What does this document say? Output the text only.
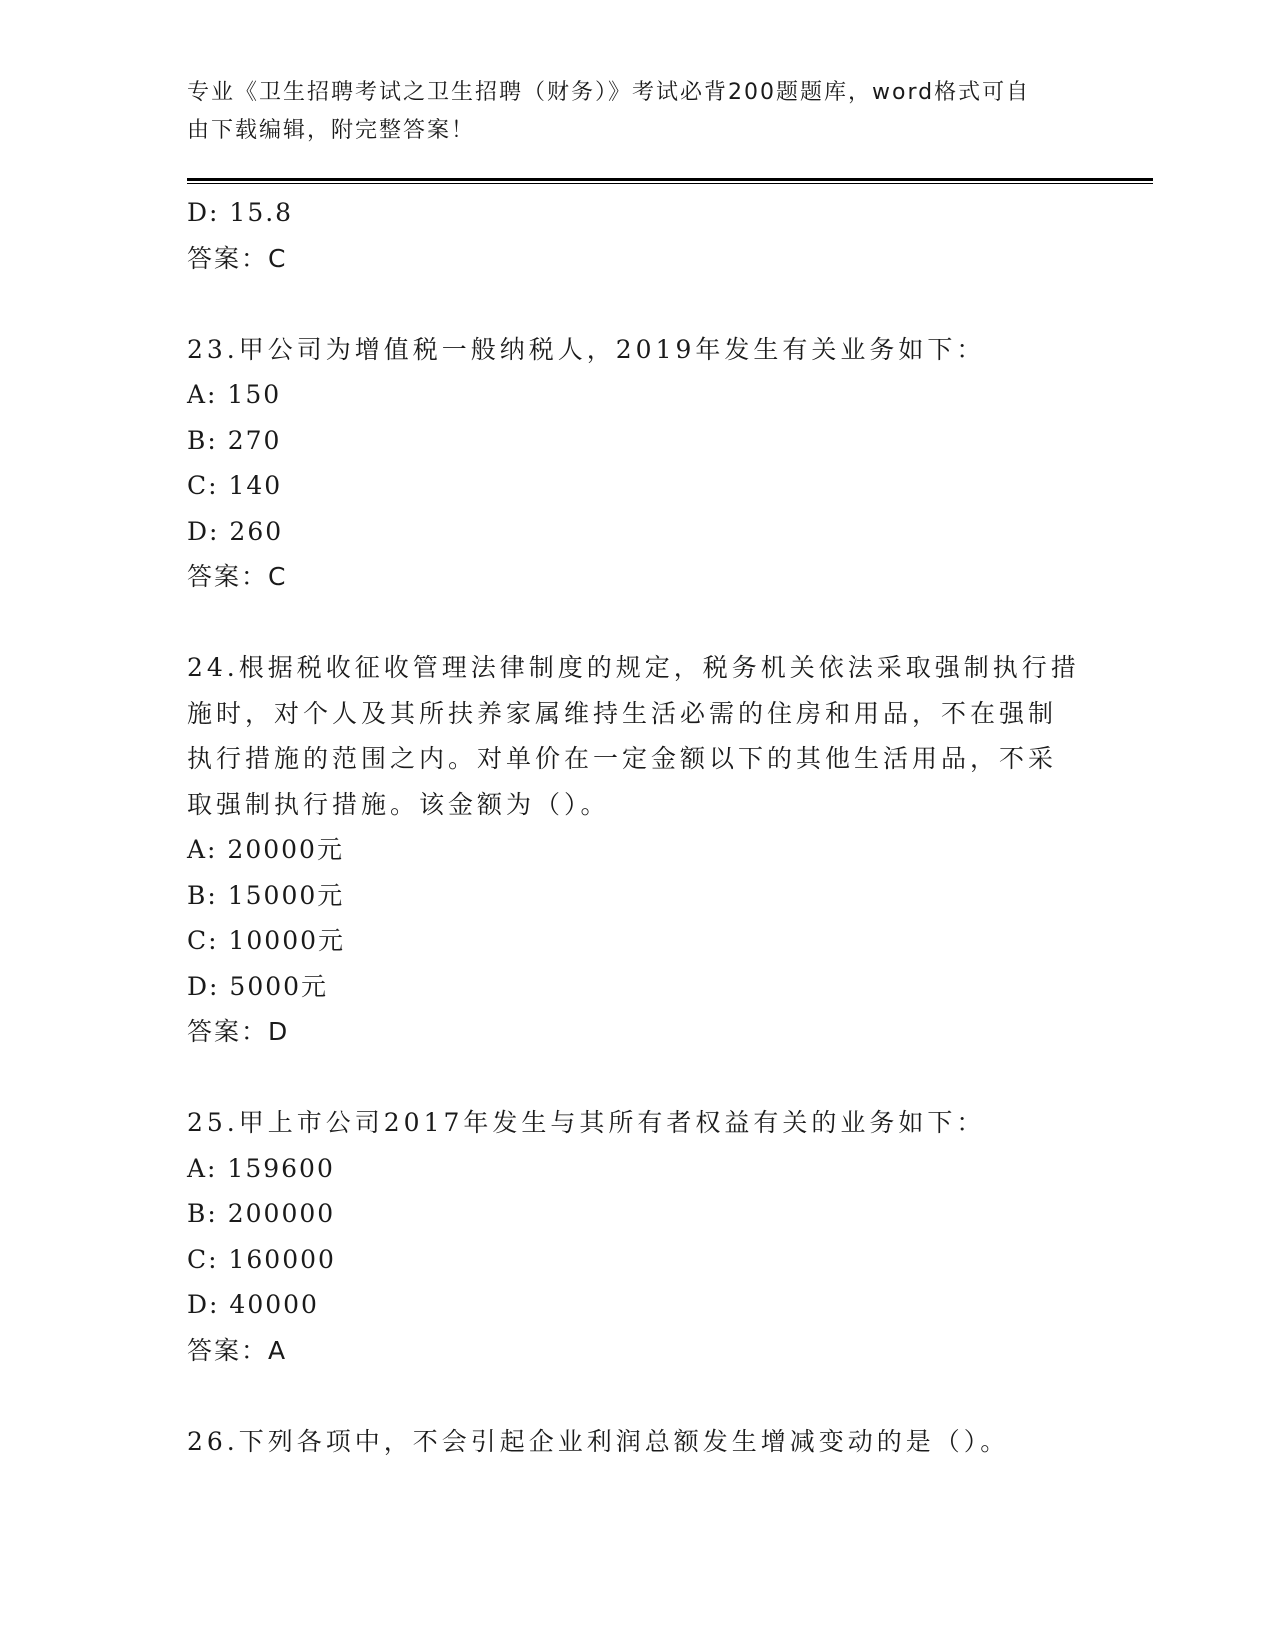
专业《卫生招聘考试之卫生招聘（财务）》考试必背200题题库，word格式可自
由下载编辑，附完整答案！
D: 15.8
答案：C
23.甲公司为增值税一般纳税人，2019年发生有关业务如下：
A: 150
B: 270
C: 140
D: 260
答案：C
24.根据税收征收管理法律制度的规定，税务机关依法采取强制执行措
施时，对个人及其所扶养家属维持生活必需的住房和用品，不在强制
执行措施的范围之内。对单价在一定金额以下的其他生活用品，不采
取强制执行措施。该金额为（）。
A: 20000元
B: 15000元
C: 10000元
D: 5000元
答案：D
25.甲上市公司2017年发生与其所有者权益有关的业务如下：
A: 159600
B: 200000
C: 160000
D: 40000
答案：A
26.下列各项中，不会引起企业利润总额发生增减变动的是（）。
